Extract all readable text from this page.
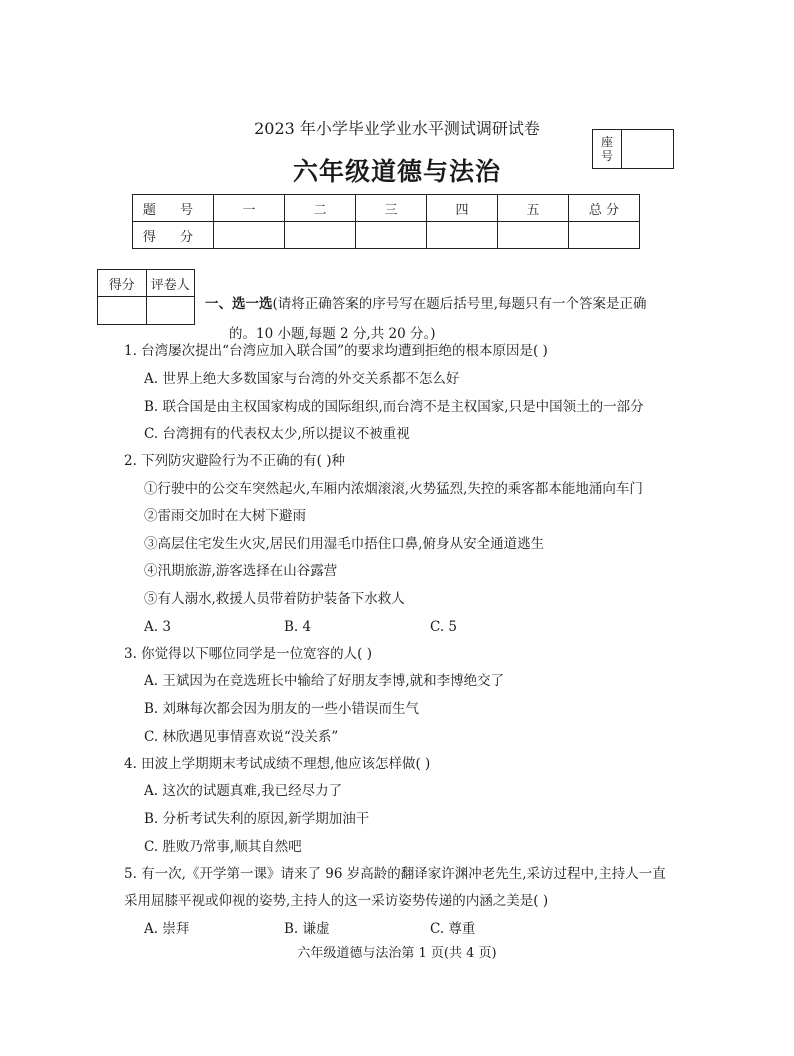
2023 年小学毕业学业水平测试调研试卷
六年级道德与法治
座
号
题 号	一	二	三	四	五	总 分
得 分						
得分	评卷人

一、选一选(请将正确答案的序号写在题后括号里,每题只有一个答案是正确
的。10 小题,每题 2 分,共 20 分。)
1. 台湾屡次提出“台湾应加入联合国”的要求均遭到拒绝的根本原因是( )
A. 世界上绝大多数国家与台湾的外交关系都不怎么好
B. 联合国是由主权国家构成的国际组织,而台湾不是主权国家,只是中国领土的一部分
C. 台湾拥有的代表权太少,所以提议不被重视
2. 下列防灾避险行为不正确的有( )种
①行驶中的公交车突然起火,车厢内浓烟滚滚,火势猛烈,失控的乘客都本能地涌向车门
②雷雨交加时在大树下避雨
③高层住宅发生火灾,居民们用湿毛巾捂住口鼻,俯身从安全通道逃生
④汛期旅游,游客选择在山谷露营
⑤有人溺水,救援人员带着防护装备下水救人
A. 3	B. 4	C. 5
3. 你觉得以下哪位同学是一位宽容的人( )
A. 王斌因为在竞选班长中输给了好朋友李博,就和李博绝交了
B. 刘琳每次都会因为朋友的一些小错误而生气
C. 林欣遇见事情喜欢说“没关系”
4. 田波上学期期末考试成绩不理想,他应该怎样做( )
A. 这次的试题真难,我已经尽力了
B. 分析考试失利的原因,新学期加油干
C. 胜败乃常事,顺其自然吧
5. 有一次,《开学第一课》请来了 96 岁高龄的翻译家许渊冲老先生,采访过程中,主持人一直
采用屈膝平视或仰视的姿势,主持人的这一采访姿势传递的内涵之美是( )
A. 崇拜	B. 谦虚	C. 尊重
六年级道德与法治第 1 页(共 4 页)
